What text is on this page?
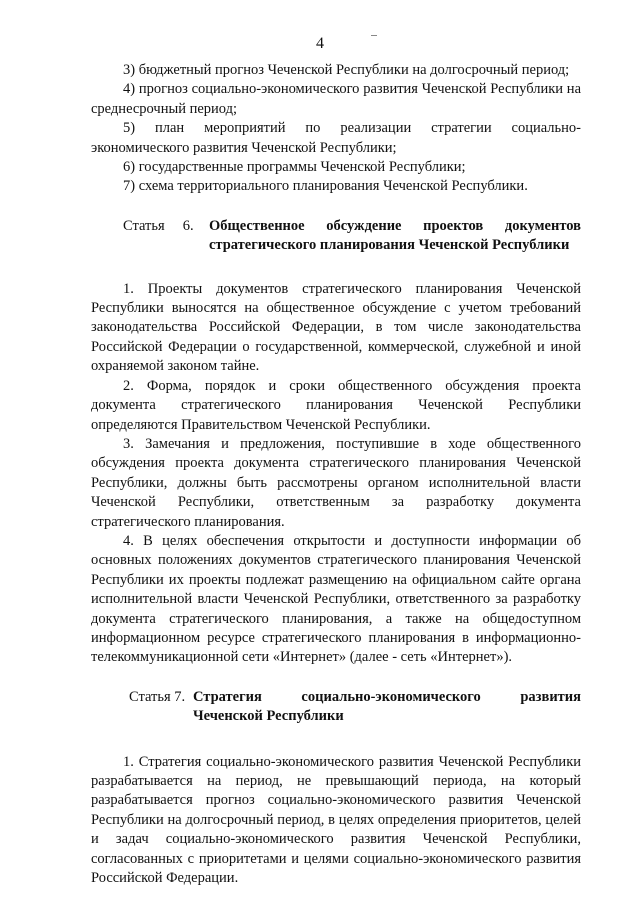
4

3) бюджетный прогноз Чеченской Республики на долгосрочный период;

4) прогноз социально-экономического развития Чеченской Республики на среднесрочный период;

5) план мероприятий по реализации стратегии социально-экономического развития Чеченской Республики;

6) государственные программы Чеченской Республики;

7) схема территориального планирования Чеченской Республики.

Статья 6.	Общественное обсуждение проектов документов стратегического планирования Чеченской Республики

1. Проекты документов стратегического планирования Чеченской Республики выносятся на общественное обсуждение с учетом требований законодательства Российской Федерации, в том числе законодательства Российской Федерации о государственной, коммерческой, служебной и иной охраняемой законом тайне.

2. Форма, порядок и сроки общественного обсуждения проекта документа стратегического планирования Чеченской Республики определяются Правительством Чеченской Республики.

3. Замечания и предложения, поступившие в ходе общественного обсуждения проекта документа стратегического планирования Чеченской Республики, должны быть рассмотрены органом исполнительной власти Чеченской Республики, ответственным за разработку документа стратегического планирования.

4. В целях обеспечения открытости и доступности информации об основных положениях документов стратегического планирования Чеченской Республики их проекты подлежат размещению на официальном сайте органа исполнительной власти Чеченской Республики, ответственного за разработку документа стратегического планирования, а также на общедоступном информационном ресурсе стратегического планирования в информационно-телекоммуникационной сети «Интернет» (далее - сеть «Интернет»).

Статья 7. Стратегия социально-экономического развития Чеченской Республики

1. Стратегия социально-экономического развития Чеченской Республики разрабатывается на период, не превышающий периода, на который разрабатывается прогноз социально-экономического развития Чеченской Республики на долгосрочный период, в целях определения приоритетов, целей и задач социально-экономического развития Чеченской Республики, согласованных с приоритетами и целями социально-экономического развития Российской Федерации.
